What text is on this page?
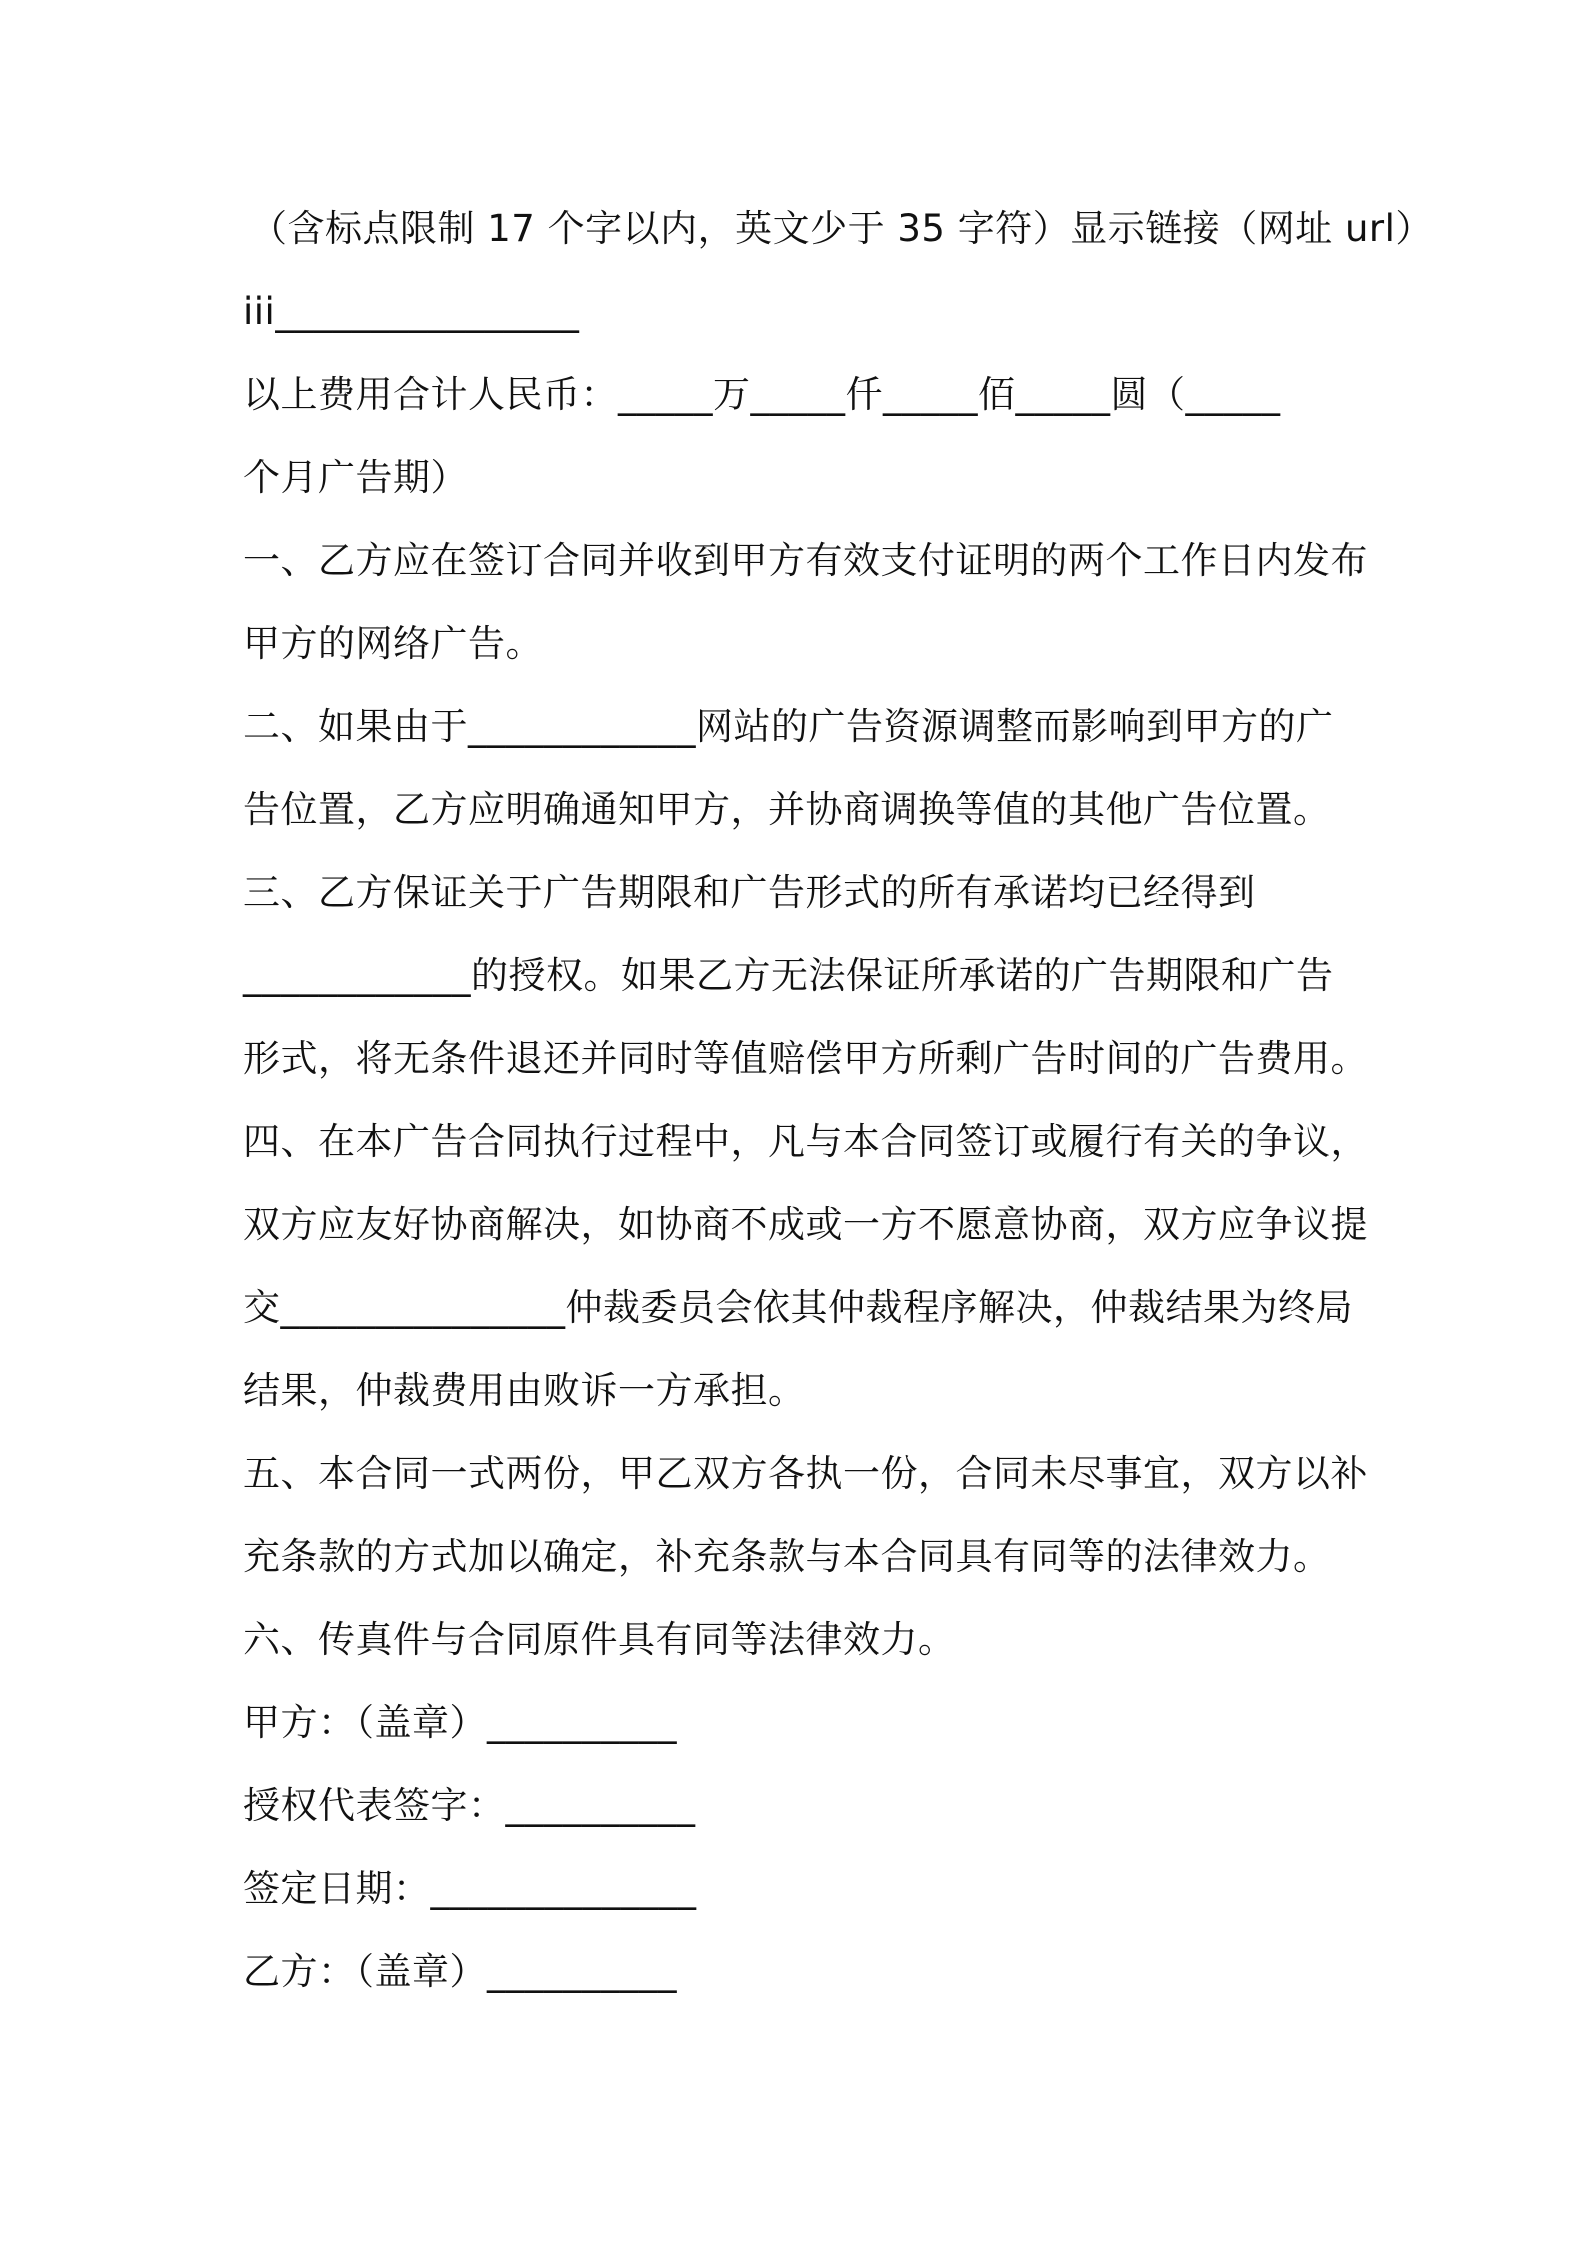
（含标点限制 17 个字以内，英文少于 35 字符）显示链接（网址 url）
iii________________
以上费用合计人民币：_____万_____仟_____佰_____圆（_____
个月广告期）
一、乙方应在签订合同并收到甲方有效支付证明的两个工作日内发布
甲方的网络广告。
二、如果由于____________网站的广告资源调整而影响到甲方的广
告位置，乙方应明确通知甲方，并协商调换等值的其他广告位置。
三、乙方保证关于广告期限和广告形式的所有承诺均已经得到
____________的授权。如果乙方无法保证所承诺的广告期限和广告
形式，将无条件退还并同时等值赔偿甲方所剩广告时间的广告费用。
四、在本广告合同执行过程中，凡与本合同签订或履行有关的争议，
双方应友好协商解决，如协商不成或一方不愿意协商，双方应争议提
交_______________仲裁委员会依其仲裁程序解决，仲裁结果为终局
结果，仲裁费用由败诉一方承担。
五、本合同一式两份，甲乙双方各执一份，合同未尽事宜，双方以补
充条款的方式加以确定，补充条款与本合同具有同等的法律效力。
六、传真件与合同原件具有同等法律效力。
甲方：（盖章）__________
授权代表签字：__________
签定日期：______________
乙方：（盖章）__________
